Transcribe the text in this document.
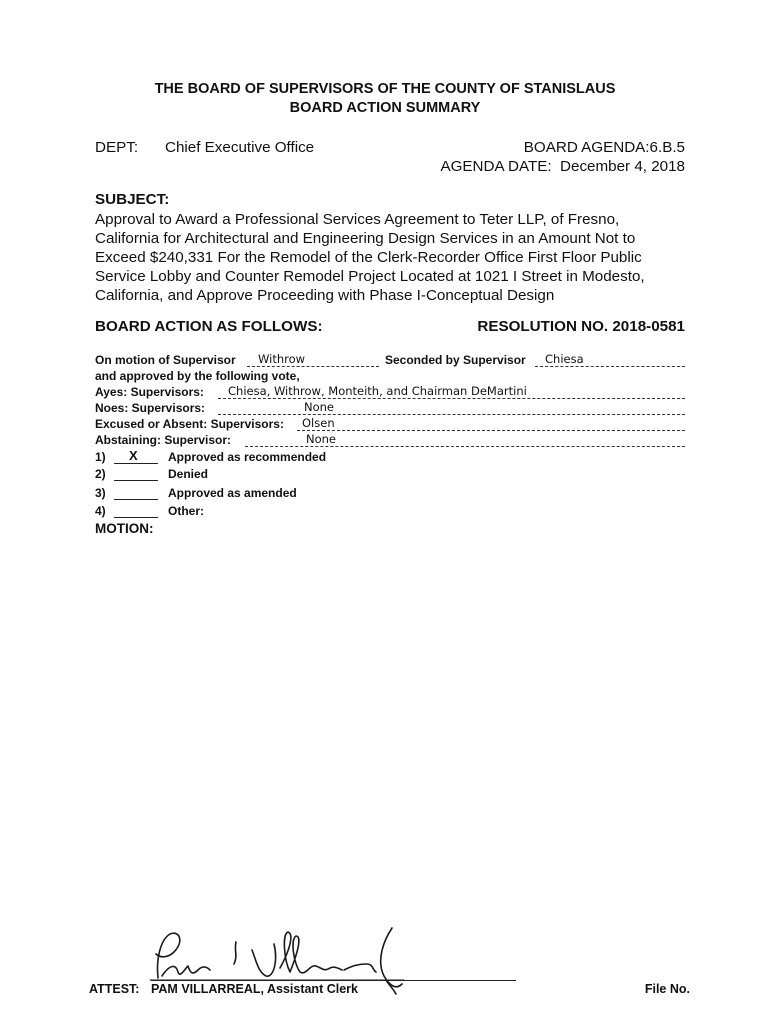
THE BOARD OF SUPERVISORS OF THE COUNTY OF STANISLAUS
BOARD ACTION SUMMARY
DEPT: Chief Executive Office	BOARD AGENDA:6.B.5
AGENDA DATE:  December 4, 2018
SUBJECT:
Approval to Award a Professional Services Agreement to Teter LLP, of Fresno,
California for Architectural and Engineering Design Services in an Amount Not to
Exceed $240,331 For the Remodel of the Clerk-Recorder Office First Floor Public
Service Lobby and Counter Remodel Project Located at 1021 I Street in Modesto,
California, and Approve Proceeding with Phase I-Conceptual Design
BOARD ACTION AS FOLLOWS:	RESOLUTION NO. 2018-0581
On motion of Supervisor Withrow	Seconded by Supervisor Chiesa
and approved by the following vote,
Ayes: Supervisors: Chiesa, Withrow, Monteith, and Chairman DeMartini
Noes: Supervisors:	None
Excused or Absent: Supervisors: Olsen
Abstaining: Supervisor:	None
1) X	Approved as recommended
2)	Denied
3)	Approved as amended
4)	Other:
MOTION:
ATTEST: PAM VILLARREAL, Assistant Clerk	File No.
